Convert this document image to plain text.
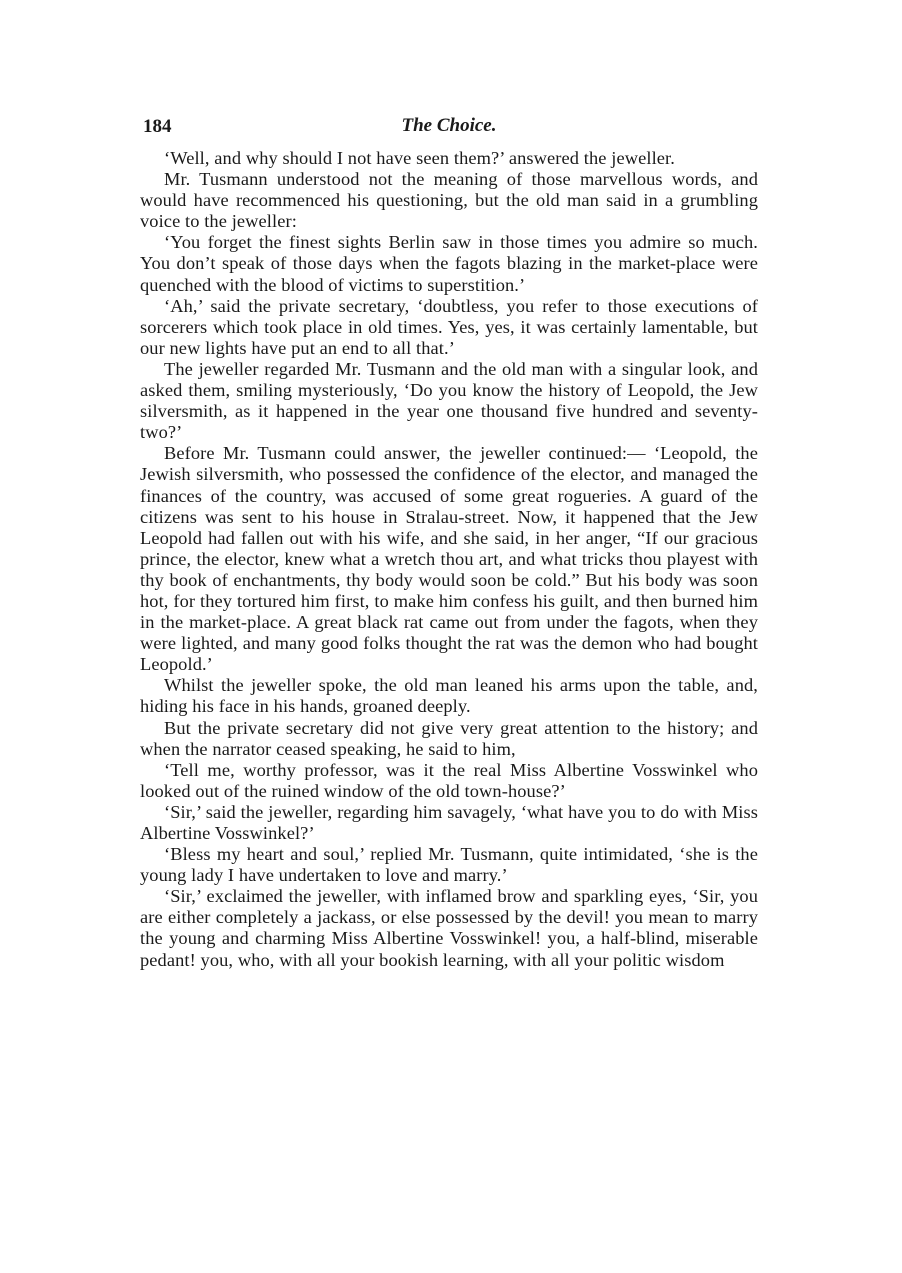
184	The Choice.

‘Well, and why should I not have seen them?’ answered the jeweller.

Mr. Tusmann understood not the meaning of those marvellous words, and would have recommenced his questioning, but the old man said in a grumbling voice to the jeweller:

‘You forget the finest sights Berlin saw in those times you admire so much. You don’t speak of those days when the fagots blazing in the market-place were quenched with the blood of victims to superstition.’

‘Ah,’ said the private secretary, ‘doubtless, you refer to those executions of sorcerers which took place in old times. Yes, yes, it was certainly lamentable, but our new lights have put an end to all that.’

The jeweller regarded Mr. Tusmann and the old man with a singular look, and asked them, smiling mysteriously, ‘Do you know the history of Leopold, the Jew silversmith, as it happened in the year one thousand five hundred and seventy-two?’

Before Mr. Tusmann could answer, the jeweller continued:— ‘Leopold, the Jewish silversmith, who possessed the confidence of the elector, and managed the finances of the country, was accused of some great rogueries. A guard of the citizens was sent to his house in Stralau-street. Now, it happened that the Jew Leopold had fallen out with his wife, and she said, in her anger, “If our gracious prince, the elector, knew what a wretch thou art, and what tricks thou playest with thy book of enchantments, thy body would soon be cold.” But his body was soon hot, for they tortured him first, to make him confess his guilt, and then burned him in the market-place. A great black rat came out from under the fagots, when they were lighted, and many good folks thought the rat was the demon who had bought Leopold.’

Whilst the jeweller spoke, the old man leaned his arms upon the table, and, hiding his face in his hands, groaned deeply.

But the private secretary did not give very great attention to the history; and when the narrator ceased speaking, he said to him,

‘Tell me, worthy professor, was it the real Miss Albertine Vosswinkel who looked out of the ruined window of the old town-house?’

‘Sir,’ said the jeweller, regarding him savagely, ‘what have you to do with Miss Albertine Vosswinkel?’

‘Bless my heart and soul,’ replied Mr. Tusmann, quite intimidated, ‘she is the young lady I have undertaken to love and marry.’

‘Sir,’ exclaimed the jeweller, with inflamed brow and sparkling eyes, ‘Sir, you are either completely a jackass, or else possessed by the devil! you mean to marry the young and charming Miss Albertine Vosswinkel! you, a half-blind, miserable pedant! you, who, with all your bookish learning, with all your politic wisdom
